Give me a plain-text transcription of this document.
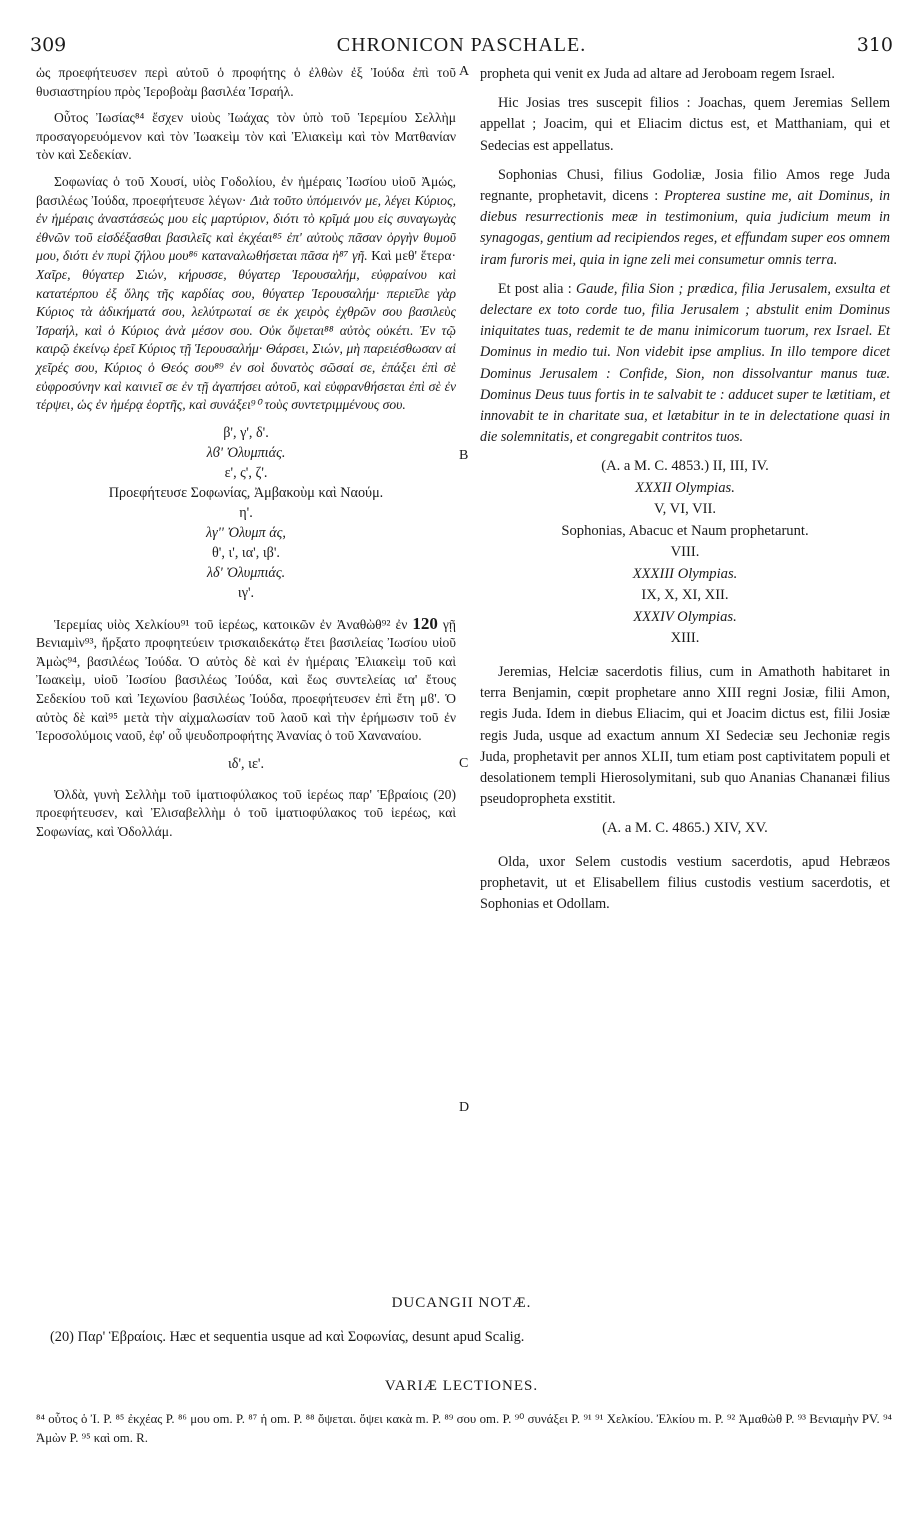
309	CHRONICON PASCHALE.	310

ὡς προεφήτευσεν περὶ αὐτοῦ ὁ προφήτης ὁ ἐλθὼν ἐξ Ἰούδα ἐπὶ τοῦ θυσιαστηρίου πρὸς Ἱεροβοὰμ βασιλέα Ἰσραήλ.

Οὗτος Ἰωσίας⁸⁴ ἔσχεν υἱοὺς Ἰωάχας τὸν ὑπὸ τοῦ Ἱερεμίου Σελλὴμ προσαγορευόμενον καὶ τὸν Ἰωακεὶμ τὸν καὶ Ἐλιακεὶμ καὶ τὸν Ματθανίαν τὸν καὶ Σεδεκίαν.

Σοφωνίας ὁ τοῦ Χουσί, υἱὸς Γοδολίου, ἐν ἡμέραις Ἰωσίου υἱοῦ Ἀμώς, βασιλέως Ἰούδα, προεφήτευσε λέγων· Διὰ τοῦτο ὑπόμεινόν με, λέγει Κύριος, ἐν ἡμέραις ἀναστάσεώς μου εἰς μαρτύριον, διότι τὸ κρῖμά μου εἰς συναγωγὰς ἐθνῶν τοῦ εἰσδέξασθαι βασιλεῖς καὶ ἐκχέαι⁸⁵ ἐπ' αὐτοὺς πᾶσαν ὀργὴν θυμοῦ μου, διότι ἐν πυρὶ ζήλου μου⁸⁶ καταναλωθήσεται πᾶσα ἡ⁸⁷ γῆ. Καὶ μεθ' ἕτερα· Χαῖρε, θύγατερ Σιών, κήρυσσε, θύγατερ Ἱερουσαλήμ, εὐφραίνου καὶ κατατέρπου ἐξ ὅλης τῆς καρδίας σου, θύγατερ Ἱερουσαλήμ· περιεῖλε γὰρ Κύριος τὰ ἀδικήματά σου, λελύτρωταί σε ἐκ χειρὸς ἐχθρῶν σου βασιλεὺς Ἰσραήλ, καὶ ὁ Κύριος ἀνὰ μέσον σου. Οὐκ ὄψεται⁸⁸ αὐτὸς οὐκέτι. Ἐν τῷ καιρῷ ἐκείνῳ ἐρεῖ Κύριος τῇ Ἱερουσαλήμ· Θάρσει, Σιών, μὴ παρειέσθωσαν αἱ χεῖρές σου, Κύριος ὁ Θεός σου⁸⁹ ἐν σοὶ δυνατὸς σῶσαί σε, ἐπάξει ἐπὶ σὲ εὐφροσύνην καὶ καινιεῖ σε ἐν τῇ ἀγαπήσει αὐτοῦ, καὶ εὐφρανθήσεται ἐπὶ σὲ ἐν τέρψει, ὡς ἐν ἡμέρᾳ ἑορτῆς, καὶ συνάξει⁹⁰ τοὺς συντετριμμένους σου.

β', γ', δ'.
λϐ' Ὀλυμπιάς.
ε', ς', ζ'.
Προεφήτευσε Σοφωνίας, Ἀμβακοὺμ καὶ Ναούμ.
η'.
λγ'' Ὀλυμπ άς,
θ', ι', ια', ιβ'.
λδ' Ὀλυμπιάς.
ιγ'.

Ἱερεμίας υἱὸς Χελκίου⁹¹ τοῦ ἱερέως, κατοικῶν ἐν Ἀναθὼθ⁹² ἐν 120 γῇ Βενιαμὶν⁹³, ἤρξατο προφητεύειν τρισκαιδεκάτῳ ἔτει βασιλείας Ἰωσίου υἱοῦ Ἀμὼς⁹⁴, βασιλέως Ἰούδα. Ὁ αὐτὸς δὲ καὶ ἐν ἡμέραις Ἐλιακεὶμ τοῦ καὶ Ἰωακεὶμ, υἱοῦ Ἰωσίου βασιλέως Ἰούδα, καὶ ἕως συντελείας ια' ἔτους Σεδεκίου τοῦ καὶ Ἰεχωνίου βασιλέως Ἰούδα, προεφήτευσεν ἐπὶ ἔτη μϐ'. Ὁ αὐτὸς δὲ καὶ⁹⁵ μετὰ τὴν αἰχμαλωσίαν τοῦ λαοῦ καὶ τὴν ἐρήμωσιν τοῦ ἐν Ἱεροσολύμοις ναοῦ, ἐφ' οὗ ψευδοπροφήτης Ἀνανίας ὁ τοῦ Χαναναίου.

ιδ', ιε'.

Ὀλδὰ, γυνὴ Σελλὴμ τοῦ ἱματιοφύλακος τοῦ ἱερέως παρ' Ἑβραίοις (20) προεφήτευσεν, καὶ Ἐλισαβελλὴμ ὁ τοῦ ἱματιοφύλακος τοῦ ἱερέως, καὶ Σοφωνίας, καὶ Ὀδολλάμ.

A
B
C
D

prophetа qui venit ex Juda ad altare ad Jeroboam regem Israel.

Hic Josias tres suscepit filios : Joachas, quem Jeremias Sellem appellat ; Joacim, qui et Eliacim dictus est, et Matthaniam, qui et Sedecias est appellatus.

Sophonias Chusi, filius Godoliæ, Josia filio Amos rege Juda regnante, prophetavit, dicens : Propterea sustine me, ait Dominus, in diebus resurrectionis meæ in testimonium, quia judicium meum in synagogas, gentium ad recipiendos reges, et effundam super eos omnem iram furoris mei, quia in igne zeli mei consumetur omnis terra.

Et post alia : Gaude, filia Sion ; prædica, filia Jerusalem, exsulta et delectare ex toto corde tuo, filia Jerusalem ; abstulit enim Dominus iniquitates tuas, redemit te de manu inimicorum tuorum, rex Israel. Et Dominus in medio tui. Non videbit ipse amplius. In illo tempore dicet Dominus Jerusalem : Confide, Sion, non dissolvantur manus tuæ. Dominus Deus tuus fortis in te salvabit te : adducet super te lætitiam, et innovabit te in charitate sua, et lætabitur in te in delectatione quasi in die solemnitatis, et congregabit contritos tuos.

(A. a M. C. 4853.) II, III, IV.
XXXII Olympias.
V, VI, VII.
Sophonias, Abacuc et Naum prophetarunt.
VIII.
XXXIII Olympias.
IX, X, XI, XII.
XXXIV Olympias.
XIII.

Jeremias, Helciæ sacerdotis filius, cum in Amathoth habitaret in terra Benjamin, cœpit prophetare anno XIII regni Josiæ, filii Amon, regis Juda. Idem in diebus Eliacim, qui et Joacim dictus est, filii Josiæ regis Juda, usque ad exactum annum XI Sedeciæ seu Jechoniæ regis Juda, prophetavit per annos XLII, tum etiam post captivitatem populi et desolationem templi Hierosolymitani, sub quo Ananias Chananæi filius pseudopropheta exstitit.

(A. a M. C. 4865.) XIV, XV.

Olda, uxor Selem custodis vestium sacerdotis, apud Hebræos prophetavit, ut et Elisabellem filius custodis vestium sacerdotis, et Sophonias et Odollam.

DUCANGII NOTÆ.
(20) Παρ' Ἑβραίοις. Hæc et sequentia usque ad καὶ Σοφωνίας, desunt apud Scalig.
VARIÆ LECTIONES.
⁸⁴ οὗτος ὁ Ἰ. P. ⁸⁵ ἐκχέας P. ⁸⁶ μου om. P. ⁸⁷ ἡ om. P. ⁸⁸ ὄψεται. ὄψει κακὰ m. P. ⁸⁹ σου om. P. ⁹⁰ συνάξει P. ⁹¹ ⁹¹ Χελκίου. Ἐλκίου m. P. ⁹² Ἀμαθὼθ P. ⁹³ Βενιαμὴν PV. ⁹⁴ Ἀμὼν P. ⁹⁵ καὶ om. R.
